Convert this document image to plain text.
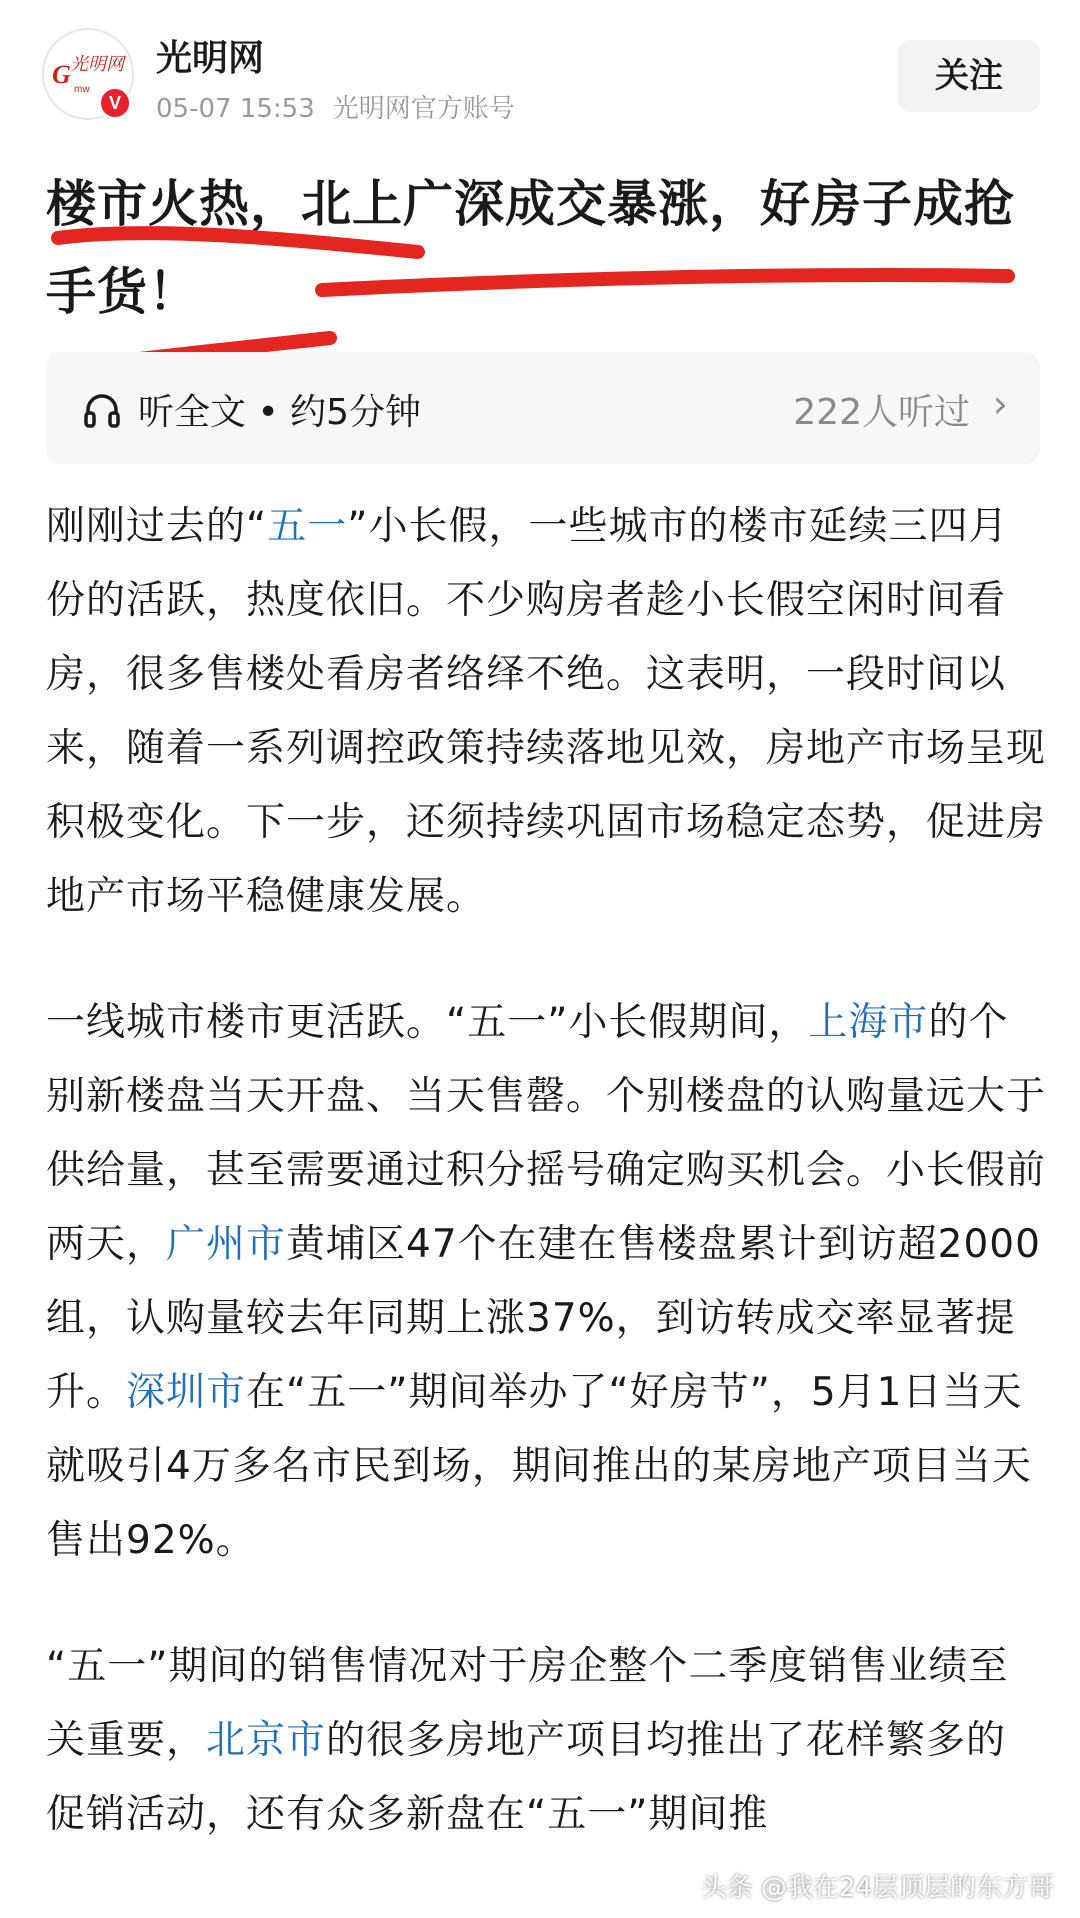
G 光明网
mw
V
光明网
05-07 15:53 光明网官方账号
关注
楼市火热，北上广深成交暴涨，好房子成抢手货！
听全文 • 约5分钟	222人听过 ›

刚刚过去的“五一”小长假，一些城市的楼市延续三四月份的活跃，热度依旧。不少购房者趁小长假空闲时间看房，很多售楼处看房者络绎不绝。这表明，一段时间以来，随着一系列调控政策持续落地见效，房地产市场呈现积极变化。下一步，还须持续巩固市场稳定态势，促进房地产市场平稳健康发展。

一线城市楼市更活跃。“五一”小长假期间，上海市的个别新楼盘当天开盘、当天售罄。个别楼盘的认购量远大于供给量，甚至需要通过积分摇号确定购买机会。小长假前两天，广州市黄埔区47个在建在售楼盘累计到访超2000组，认购量较去年同期上涨37%，到访转成交率显著提升。深圳市在“五一”期间举办了“好房节”，5月1日当天就吸引4万多名市民到场，期间推出的某房地产项目当天售出92%。

“五一”期间的销售情况对于房企整个二季度销售业绩至关重要，北京市的很多房地产项目均推出了花样繁多的促销活动，还有众多新盘在“五一”期间推

头条 @我在24层顶层的东方哥
